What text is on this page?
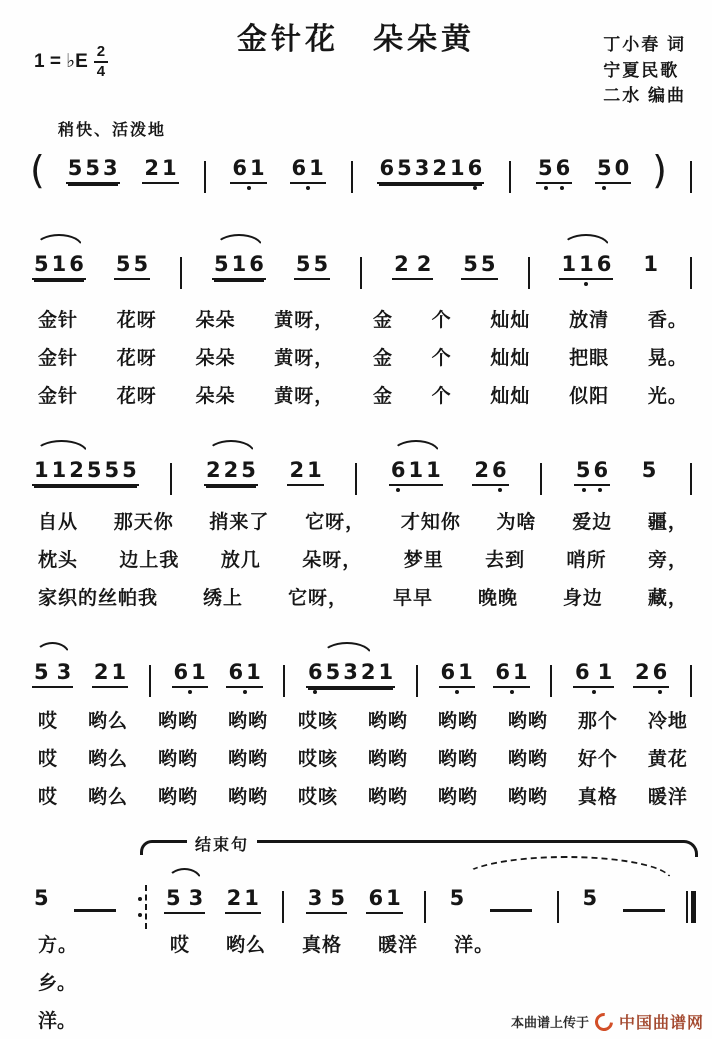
金针花　朵朵黄
1 = ♭E $\frac{2}{4}$	丁小春 词
宁夏民歌
二水 编曲
稍快、活泼地
( 5 5 3 2 1	6 1 6 1	6 5 3 2 1 6	5 6 5 0 )
5 1 6 5 5	5 1 6 5 5	2 2 5 5	1 1 6 1
金针 花呀 朵朵 黄呀， 金 个 灿灿 放清 香。
金针 花呀 朵朵 黄呀， 金 个 灿灿 把眼 晃。
金针 花呀 朵朵 黄呀， 金 个 灿灿 似阳 光。
1 1 2 5 5 5	2 2 5 2 1	6 1 1 2 6	5 6 5
自从 那天你 捎来了 它呀， 才知你 为啥 爱边 疆，
枕头 边上我 放几 朵呀， 梦里 去到 哨所 旁，
家织的丝帕我 绣上 它呀， 早早 晚晚 身边 藏，
5 3 2 1 6 1 6 1 6 5 3 2 1 6 1 6 1 6 1 2 6
哎 哟么 哟哟 哟哟 哎咳 哟哟 哟哟 哟哟 那个 冷地
哎 哟么 哟哟 哟哟 哎咳 哟哟 哟哟 哟哟 好个 黄花
哎 哟么 哟哟 哟哟 哎咳 哟哟 哟哟 哟哟 真格 暖洋
结束句
5	5 3 2 1 3 5 6 1 5	5
方。	哎 哟么 真格 暖洋 洋。
乡。
洋。	本曲谱上传于 中国曲谱网
